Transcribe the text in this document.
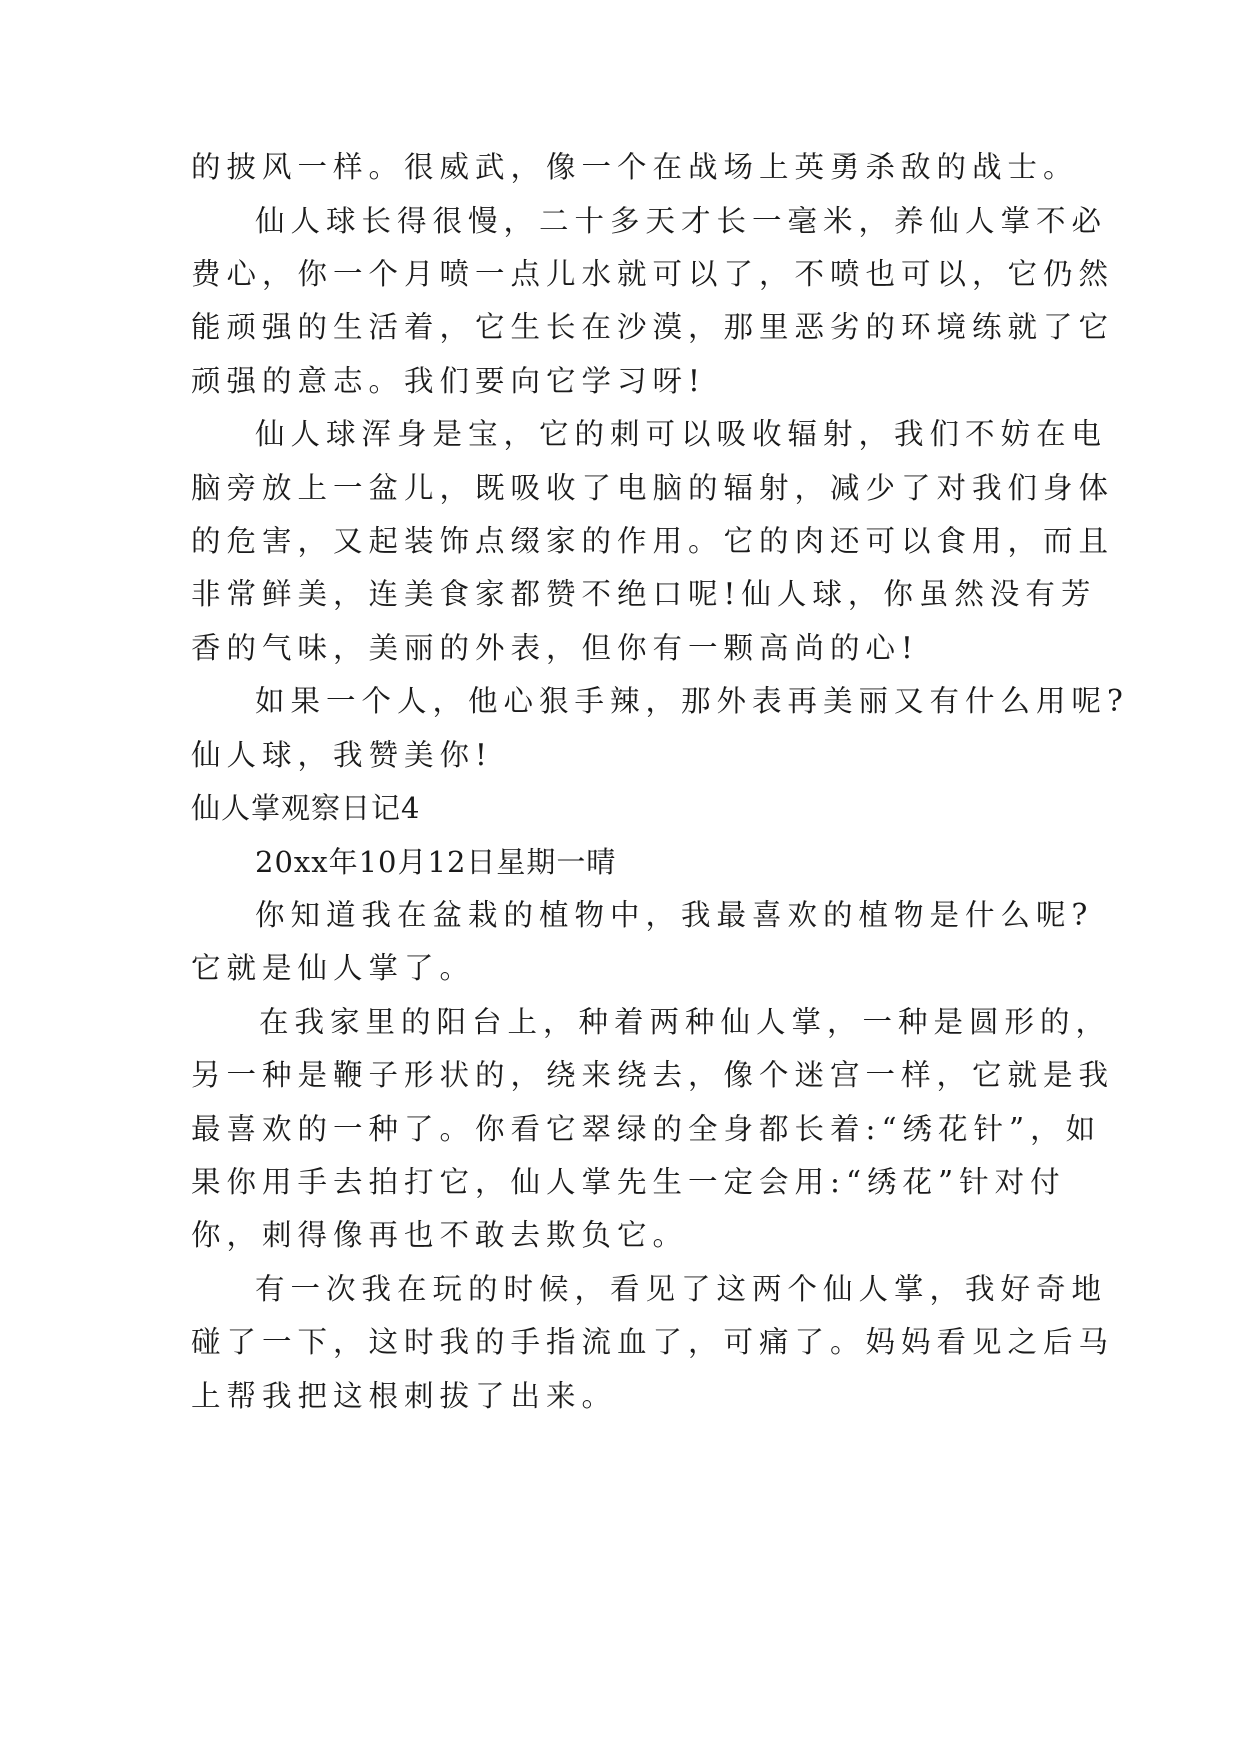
的披风一样。很威武，像一个在战场上英勇杀敌的战士。
仙人球长得很慢，二十多天才长一毫米，养仙人掌不必
费心，你一个月喷一点儿水就可以了，不喷也可以，它仍然
能顽强的生活着，它生长在沙漠，那里恶劣的环境练就了它
顽强的意志。我们要向它学习呀!
仙人球浑身是宝，它的刺可以吸收辐射，我们不妨在电
脑旁放上一盆儿，既吸收了电脑的辐射，减少了对我们身体
的危害，又起装饰点缀家的作用。它的肉还可以食用，而且
非常鲜美，连美食家都赞不绝口呢!仙人球，你虽然没有芳
香的气味，美丽的外表，但你有一颗高尚的心!
如果一个人，他心狠手辣，那外表再美丽又有什么用呢?
仙人球，我赞美你!
仙人掌观察日记4
20xx年10月12日星期一晴
你知道我在盆栽的植物中，我最喜欢的植物是什么呢?
它就是仙人掌了。
在我家里的阳台上，种着两种仙人掌，一种是圆形的，
另一种是鞭子形状的，绕来绕去，像个迷宫一样，它就是我
最喜欢的一种了。你看它翠绿的全身都长着:“绣花针”，如
果你用手去拍打它，仙人掌先生一定会用:“绣花”针对付
你，刺得像再也不敢去欺负它。
有一次我在玩的时候，看见了这两个仙人掌，我好奇地
碰了一下，这时我的手指流血了，可痛了。妈妈看见之后马
上帮我把这根刺拔了出来。
